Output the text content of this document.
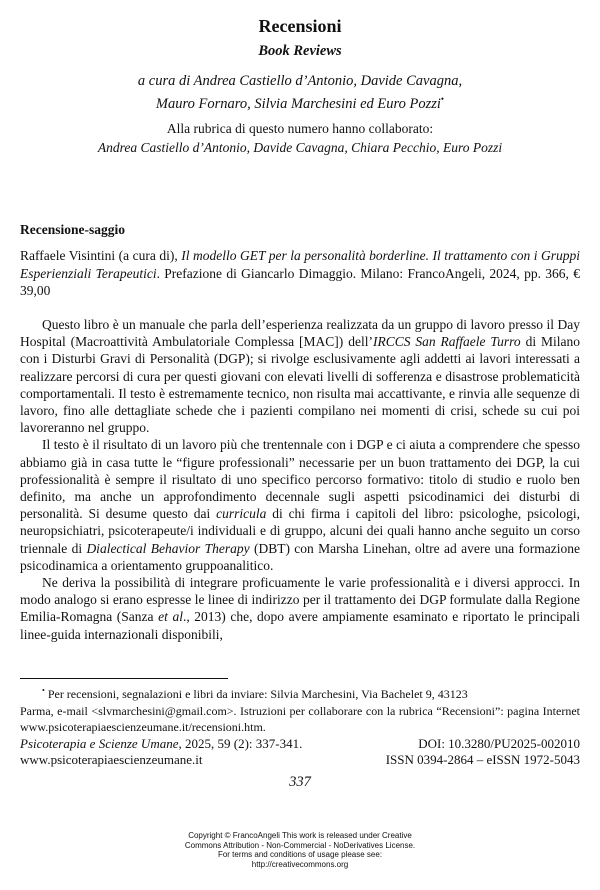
Recensioni
Book Reviews
a cura di Andrea Castiello d’Antonio, Davide Cavagna,
Mauro Fornaro, Silvia Marchesini ed Euro Pozzi•
Alla rubrica di questo numero hanno collaborato:
Andrea Castiello d’Antonio, Davide Cavagna, Chiara Pecchio, Euro Pozzi
Recensione-saggio
Raffaele Visintini (a cura di), Il modello GET per la personalità borderline. Il trattamento con i Gruppi Esperienziali Terapeutici. Prefazione di Giancarlo Dimaggio. Milano: FrancoAngeli, 2024, pp. 366, € 39,00

Questo libro è un manuale che parla dell’esperienza realizzata da un gruppo di lavoro presso il Day Hospital (Macroattività Ambulatoriale Complessa [MAC]) dell’IRCCS San Raffaele Turro di Milano con i Disturbi Gravi di Personalità (DGP); si rivolge esclusivamente agli addetti ai lavori interessati a realizzare percorsi di cura per questi giovani con elevati livelli di sofferenza e disastrose problematicità comportamentali. Il testo è estremamente tecnico, non risulta mai accattivante, e rinvia alle sequenze di lavoro, fino alle dettagliate schede che i pazienti compilano nei momenti di crisi, schede su cui poi lavoreranno nel gruppo.

Il testo è il risultato di un lavoro più che trentennale con i DGP e ci aiuta a comprendere che spesso abbiamo già in casa tutte le “figure professionali” necessarie per un buon trattamento dei DGP, la cui professionalità è sempre il risultato di uno specifico percorso formativo: titolo di studio e ruolo ben definito, ma anche un approfondimento decennale sugli aspetti psicodinamici dei disturbi di personalità. Si desume questo dai curricula di chi firma i capitoli del libro: psicologhe, psicologi, neuropsichiatri, psicoterapeute/i individuali e di gruppo, alcuni dei quali hanno anche seguito un corso triennale di Dialectical Behavior Therapy (DBT) con Marsha Linehan, oltre ad avere una formazione psicodinamica a orientamento gruppoanalitico.

Ne deriva la possibilità di integrare proficuamente le varie professionalità e i diversi approcci. In modo analogo si erano espresse le linee di indirizzo per il trattamento dei DGP formulate dalla Regione Emilia-Romagna (Sanza et al., 2013) che, dopo avere ampiamente esaminato e riportato le principali linee-guida internazionali disponibili,

• Per recensioni, segnalazioni e libri da inviare: Silvia Marchesini, Via Bachelet 9, 43123
Parma, e-mail <slvmarchesini@gmail.com>. Istruzioni per collaborare con la rubrica “Recensioni”: pagina Internet www.psicoterapiaescienzeumane.it/recensioni.htm.
Psicoterapia e Scienze Umane, 2025, 59 (2): 337-341.	DOI: 10.3280/PU2025-002010
www.psicoterapiaescienzeumane.it	ISSN 0394-2864 – eISSN 1972-5043
337
Copyright © FrancoAngeli This work is released under Creative
Commons Attribution - Non-Commercial - NoDerivatives License.
For terms and conditions of usage please see:
http://creativecommons.org
